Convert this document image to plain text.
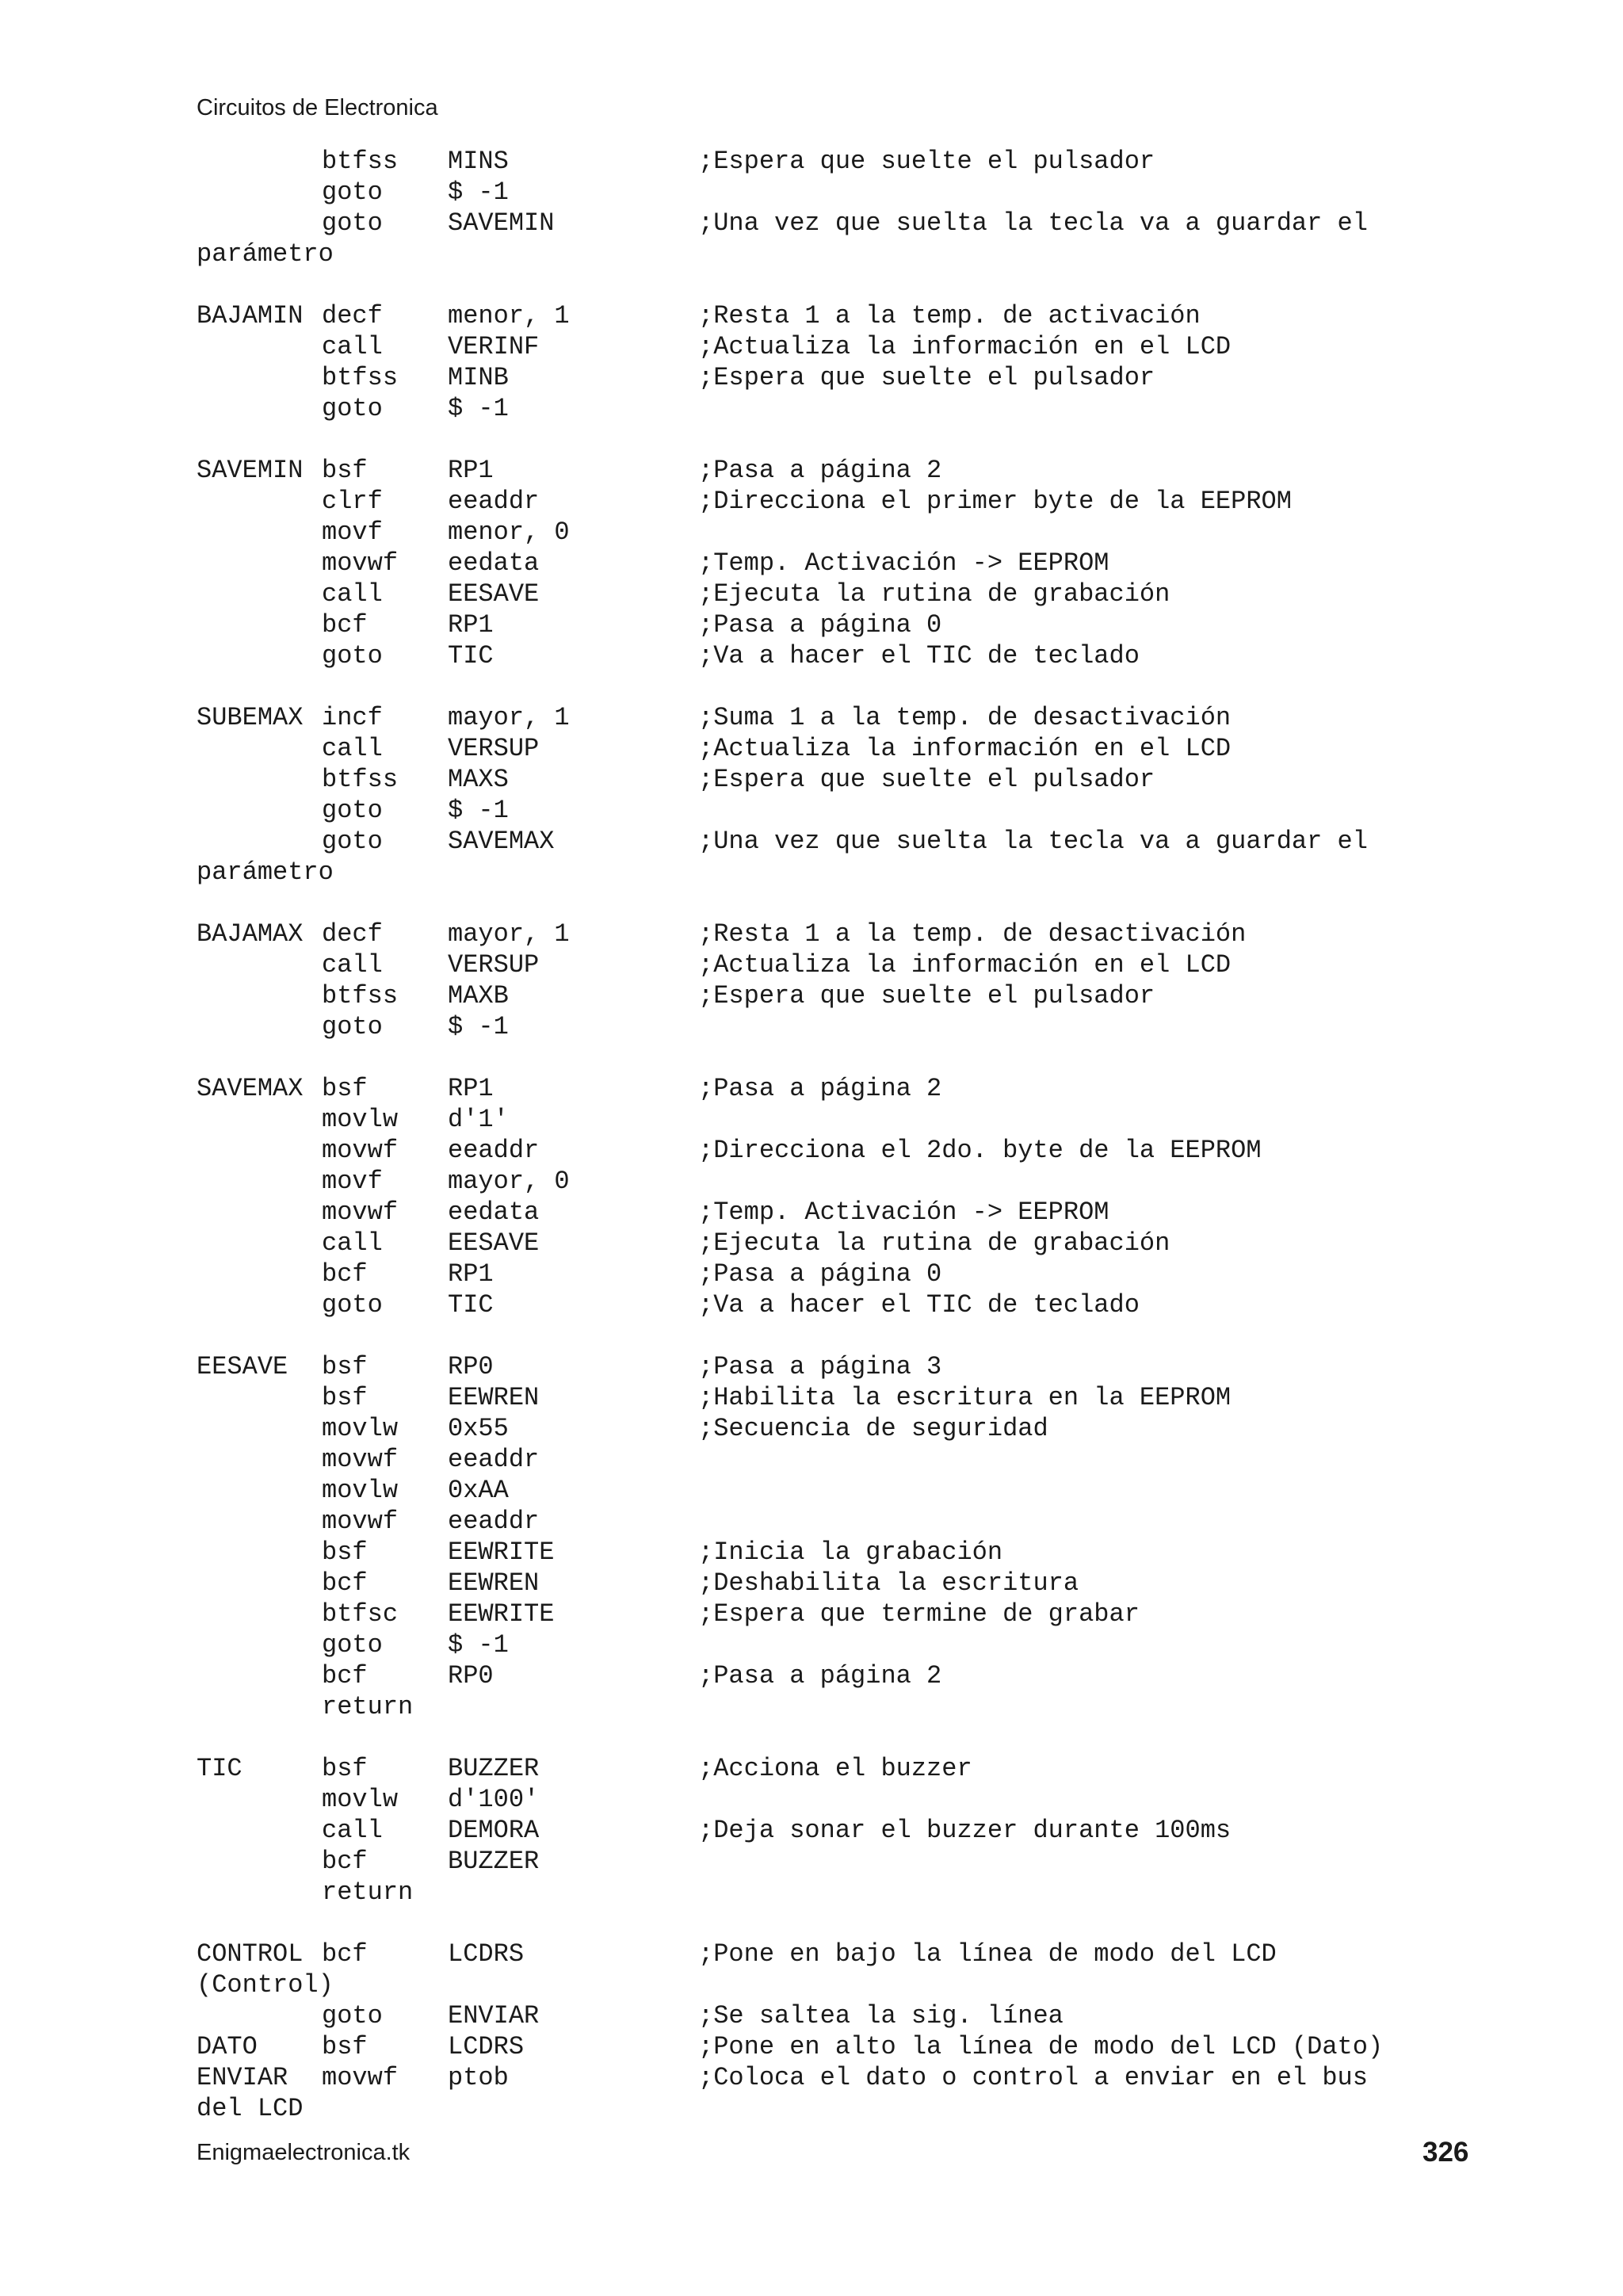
Circuitos de Electronica
btfss MINS	;Espera que suelte el pulsador
goto	$ -1
goto	SAVEMIN	;Una vez que suelta la tecla va a guardar el
parámetro
BAJAMIN decf	menor, 1	;Resta 1 a la temp. de activación
call	VERINF	;Actualiza la información en el LCD
btfss MINB	;Espera que suelte el pulsador
goto	$ -1
SAVEMIN bsf	RP1	;Pasa a página 2
clrf	eeaddr	;Direcciona el primer byte de la EEPROM
movf	menor, 0
movwf eedata	;Temp. Activación -> EEPROM
call	EESAVE	;Ejecuta la rutina de grabación
bcf	RP1	;Pasa a página 0
goto	TIC	;Va a hacer el TIC de teclado
SUBEMAX incf	mayor, 1	;Suma 1 a la temp. de desactivación
call	VERSUP	;Actualiza la información en el LCD
btfss MAXS	;Espera que suelte el pulsador
goto	$ -1
goto	SAVEMAX	;Una vez que suelta la tecla va a guardar el
parámetro
BAJAMAX decf	mayor, 1	;Resta 1 a la temp. de desactivación
call	VERSUP	;Actualiza la información en el LCD
btfss MAXB	;Espera que suelte el pulsador
goto	$ -1
SAVEMAX bsf	RP1	;Pasa a página 2
movlw d'1'
movwf eeaddr	;Direcciona el 2do. byte de la EEPROM
movf	mayor, 0
movwf eedata	;Temp. Activación -> EEPROM
call	EESAVE	;Ejecuta la rutina de grabación
bcf	RP1	;Pasa a página 0
goto	TIC	;Va a hacer el TIC de teclado
EESAVE bsf	RP0	;Pasa a página 3
bsf	EEWREN	;Habilita la escritura en la EEPROM
movlw 0x55	;Secuencia de seguridad
movwf eeaddr
movlw 0xAA
movwf eeaddr
bsf	EEWRITE	;Inicia la grabación
bcf	EEWREN	;Deshabilita la escritura
btfsc EEWRITE	;Espera que termine de grabar
goto	$ -1
bcf	RP0	;Pasa a página 2
return
TIC	bsf	BUZZER	;Acciona el buzzer
movlw d'100'
call	DEMORA	;Deja sonar el buzzer durante 100ms
bcf	BUZZER
return
CONTROL bcf	LCDRS	;Pone en bajo la línea de modo del LCD
(Control)
goto	ENVIAR	;Se saltea la sig. línea
DATO	bsf	LCDRS	;Pone en alto la línea de modo del LCD (Dato)
ENVIAR movwf ptob	;Coloca el dato o control a enviar en el bus
del LCD
Enigmaelectronica.tk	326
